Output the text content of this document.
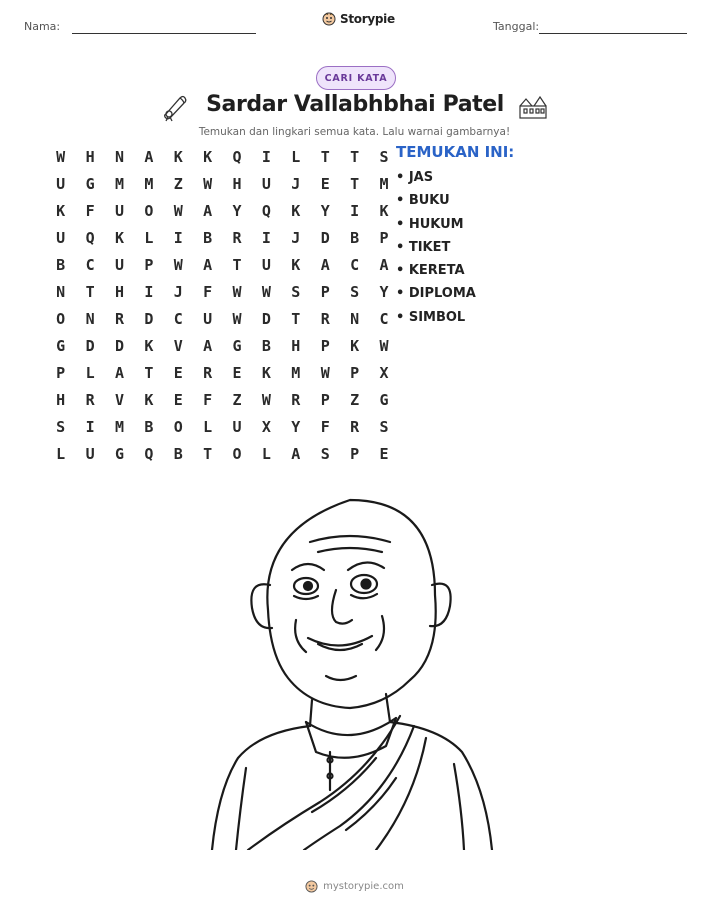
Nama:
Storypie
Tanggal:
CARI KATA
Sardar Vallabhbhai Patel
Temukan dan lingkari semua kata. Lalu warnai gambarnya!
W	H	N	A	K	K	Q	I	L	T	T	S
U	G	M	M	Z	W	H	U	J	E	T	M
K	F	U	O	W	A	Y	Q	K	Y	I	K
U	Q	K	L	I	B	R	I	J	D	B	P
B	C	U	P	W	A	T	U	K	A	C	A
N	T	H	I	J	F	W	W	S	P	S	Y
O	N	R	D	C	U	W	D	T	R	N	C
G	D	D	K	V	A	G	B	H	P	K	W
P	L	A	T	E	R	E	K	M	W	P	X
H	R	V	K	E	F	Z	W	R	P	Z	G
S	I	M	B	O	L	U	X	Y	F	R	S
L	U	G	Q	B	T	O	L	A	S	P	E
TEMUKAN INI:
• JAS
• BUKU
• HUKUM
• TIKET
• KERETA
• DIPLOMA
• SIMBOL
mystorypie.com
